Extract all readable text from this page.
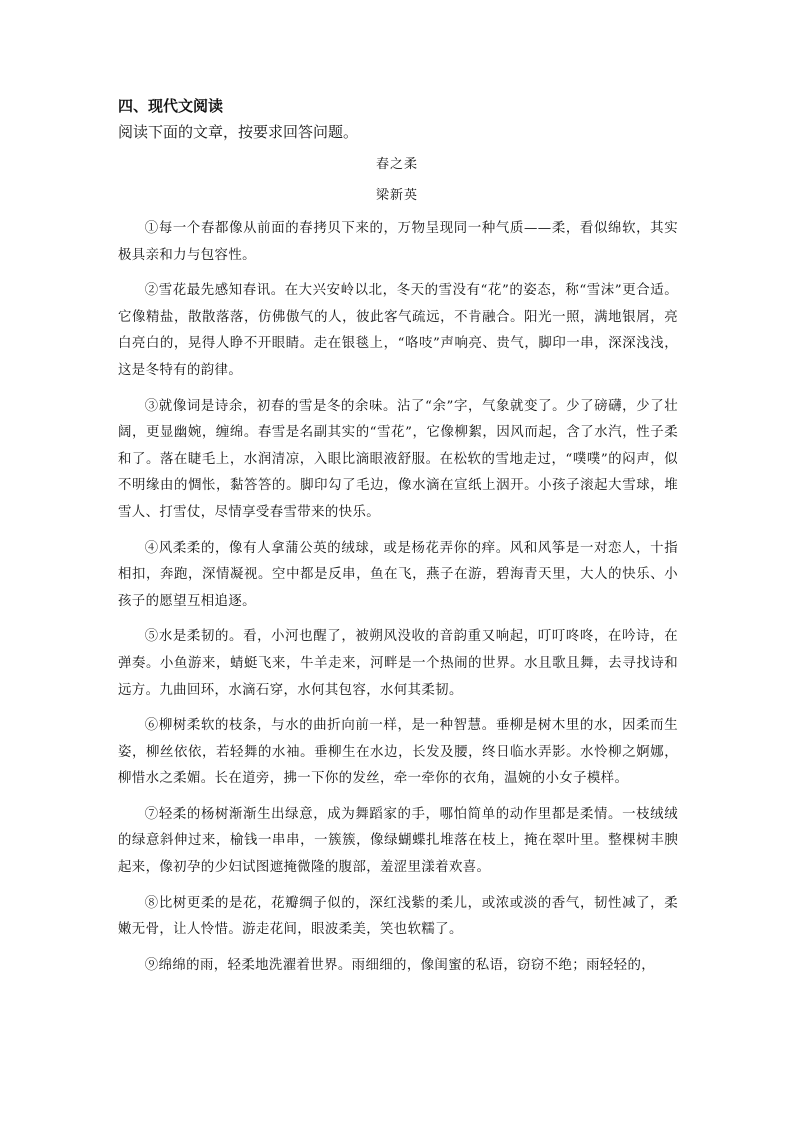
四、现代文阅读
阅读下面的文章，按要求回答问题。
春之柔
梁新英

①每一个春都像从前面的春拷贝下来的，万物呈现同一种气质——柔，看似绵软，其实极具亲和力与包容性。

②雪花最先感知春讯。在大兴安岭以北，冬天的雪没有“花”的姿态，称“雪沫”更合适。它像精盐，散散落落，仿佛傲气的人，彼此客气疏远，不肯融合。阳光一照，满地银屑，亮白亮白的，晃得人睁不开眼睛。走在银毯上，“咯吱”声响亮、贵气，脚印一串，深深浅浅，这是冬特有的韵律。

③就像词是诗余，初春的雪是冬的余味。沾了“余”字，气象就变了。少了磅礴，少了壮阔，更显幽婉，缠绵。春雪是名副其实的“雪花”，它像柳絮，因风而起，含了水汽，性子柔和了。落在睫毛上，水润清凉，入眼比滴眼液舒服。在松软的雪地走过，“噗噗”的闷声，似不明缘由的惆怅，黏答答的。脚印勾了毛边，像水滴在宣纸上洇开。小孩子滚起大雪球，堆雪人、打雪仗，尽情享受春雪带来的快乐。

④风柔柔的，像有人拿蒲公英的绒球，或是杨花弄你的痒。风和风筝是一对恋人，十指相扣，奔跑，深情凝视。空中都是反串，鱼在飞，燕子在游，碧海青天里，大人的快乐、小孩子的愿望互相追逐。

⑤水是柔韧的。看，小河也醒了，被朔风没收的音韵重又响起，叮叮咚咚，在吟诗，在弹奏。小鱼游来，蜻蜓飞来，牛羊走来，河畔是一个热闹的世界。水且歌且舞，去寻找诗和远方。九曲回环，水滴石穿，水何其包容，水何其柔韧。

⑥柳树柔软的枝条，与水的曲折向前一样，是一种智慧。垂柳是树木里的水，因柔而生姿，柳丝依依，若轻舞的水袖。垂柳生在水边，长发及腰，终日临水弄影。水怜柳之婀娜，柳惜水之柔媚。长在道旁，拂一下你的发丝，牵一牵你的衣角，温婉的小女子模样。

⑦轻柔的杨树渐渐生出绿意，成为舞蹈家的手，哪怕简单的动作里都是柔情。一枝绒绒的绿意斜伸过来，榆钱一串串，一簇簇，像绿蝴蝶扎堆落在枝上，掩在翠叶里。整棵树丰腴起来，像初孕的少妇试图遮掩微隆的腹部，羞涩里漾着欢喜。

⑧比树更柔的是花，花瓣绸子似的，深红浅紫的柔儿，或浓或淡的香气，韧性减了，柔嫩无骨，让人怜惜。游走花间，眼波柔美，笑也软糯了。

⑨绵绵的雨，轻柔地洗濯着世界。雨细细的，像闺蜜的私语，窃窃不绝；雨轻轻的，
